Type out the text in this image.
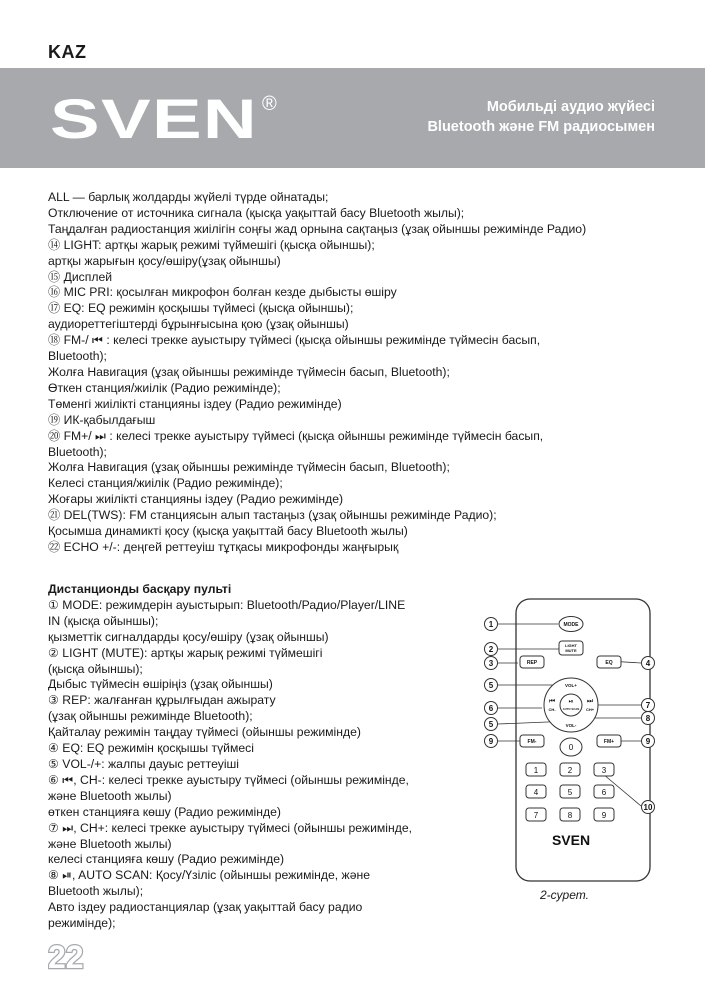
KAZ
SVEN ®	Мобильді аудио жүйесі
Bluetooth және FM радиосымен
ALL — барлық жолдарды жүйелі түрде ойнатады;
Отключение от источника сигнала (қысқа уақыттай басу Bluetooth жылы);
Таңдалған радиостанция жиілігін соңғы жад орнына сақтаңыз (ұзақ ойыншы режимінде Радио)
⑭ LIGHT: артқы жарық режимі түймешігі (қысқа ойыншы);
артқы жарығын қосу/өшіру(ұзақ ойыншы)
⑮ Дисплей
⑯ MIC PRI: қосылған микрофон болған кезде дыбысты өшіру
⑰ EQ: EQ режимін қосқышы түймесі (қысқа ойыншы);
аудиореттегіштерді бұрынғысына қою (ұзақ ойыншы)
⑱ FM-/ ⏮ : келесі трекке ауыстыру түймесі (қысқа ойыншы режимінде түймесін басып,
Bluetooth);
Жолға Навигация (ұзақ ойыншы режимінде түймесін басып, Bluetooth);
Өткен станция/жиілік (Радио режимінде);
Төменгі жиілікті станцияны іздеу (Радио режимінде)
⑲ ИК-қабылдағыш
⑳ FM+/ ⏭ : келесі трекке ауыстыру түймесі (қысқа ойыншы режимінде түймесін басып,
Bluetooth);
Жолға Навигация (ұзақ ойыншы режимінде түймесін басып, Bluetooth);
Келесі станция/жиілік (Радио режимінде);
Жоғары жиілікті станцияны іздеу (Радио режимінде)
㉑ DEL(TWS): FM станциясын алып тастаңыз (ұзақ ойыншы режимінде Радио);
Қосымша динамикті қосу (қысқа уақыттай басу Bluetooth жылы)
㉒ ECHO +/-: деңгей реттеуіш тұтқасы микрофонды жаңғырық
Дистанционды басқару пульті
① MODE: режимдерін ауыстырып: Bluetooth/Радио/Player/LINE
IN (қысқа ойыншы);
қызметтік сигналдарды қосу/өшіру (ұзақ ойыншы)
② LIGHT (MUTE): артқы жарық режимі түймешігі
(қысқа ойыншы);
Дыбыс түймесін өшіріңіз (ұзақ ойыншы)
③ REP: жалғанған құрылғыдан ажырату
(ұзақ ойыншы режимінде Bluetooth);
Қайталау режимін таңдау түймесі (ойыншы режимінде)
④ EQ: EQ режимін қосқышы түймесі
⑤ VOL-/+: жалпы дауыс реттеуіші
⑥ ⏮, CH-: келесі трекке ауыстыру түймесі (ойыншы режимінде,
және Bluetooth жылы)
өткен станцияға көшу (Радио режимінде)
⑦ ⏭, CH+: келесі трекке ауыстыру түймесі (ойыншы режимінде,
және Bluetooth жылы)
келесі станцияға көшу (Радио режимінде)
⑧ ⏯, AUTO SCAN: Қосу/Үзіліс (ойыншы режимінде, және
Bluetooth жылы);
Авто іздеу радиостанциялар (ұзақ уақыттай басу радио
режимінде);
1
2
3	4
5
6	7
8
5
9	9
10
MODE
LIGHT
MUTE
REP	EQ
VOL+
VOL-
⏮
CH-
⏭
CH+
⏯
AUTO SCAN
FM-	FM+
0
1	2	3
4	5	6
7	8	9
SVEN
2-сурет.
22
